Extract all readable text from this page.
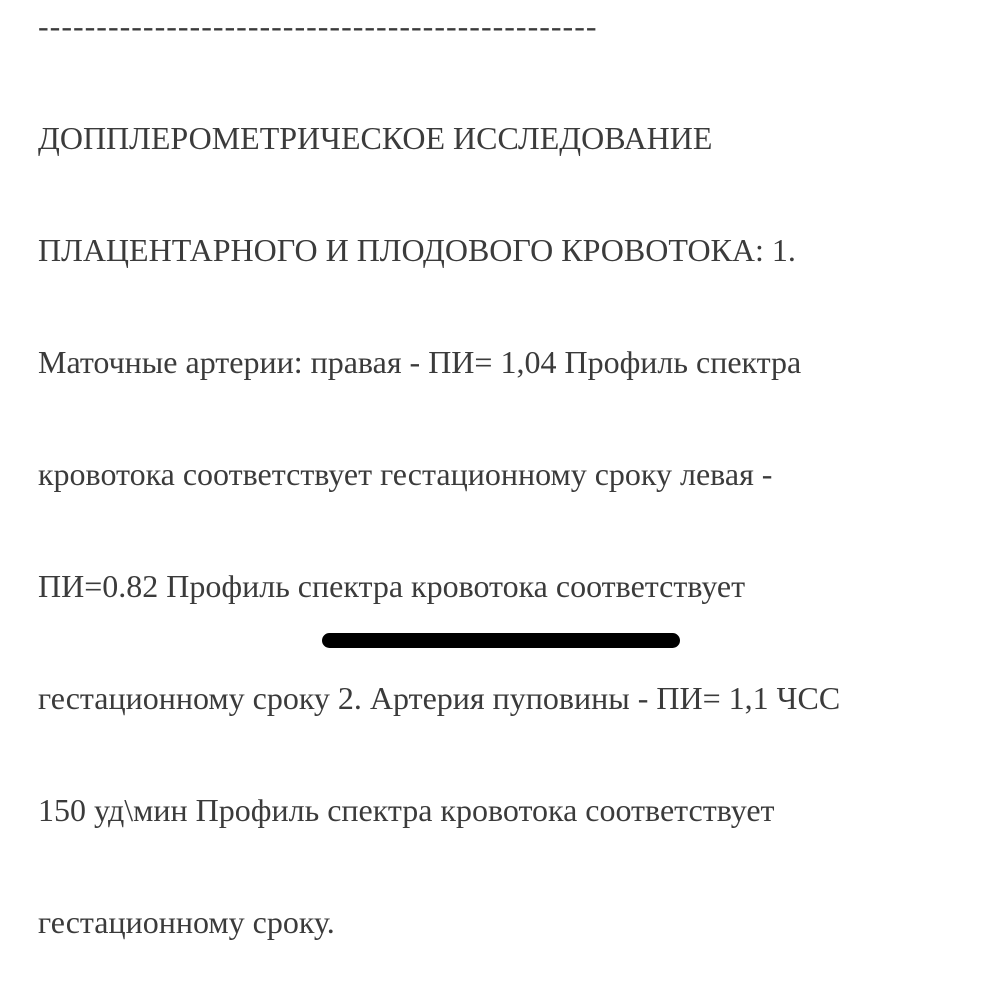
------------------------------------------------

ДОППЛЕРОМЕТРИЧЕСКОЕ ИССЛЕДОВАНИЕ

ПЛАЦЕНТАРНОГО И ПЛОДОВОГО КРОВОТОКА: 1.

Маточные артерии: правая - ПИ= 1,04 Профиль спектра

кровотока соответствует гестационному сроку левая -

ПИ=0.82 Профиль спектра кровотока соответствует

гестационному сроку 2. Артерия пуповины - ПИ= 1,1 ЧСС

150 уд\мин Профиль спектра кровотока соответствует

гестационному сроку.
